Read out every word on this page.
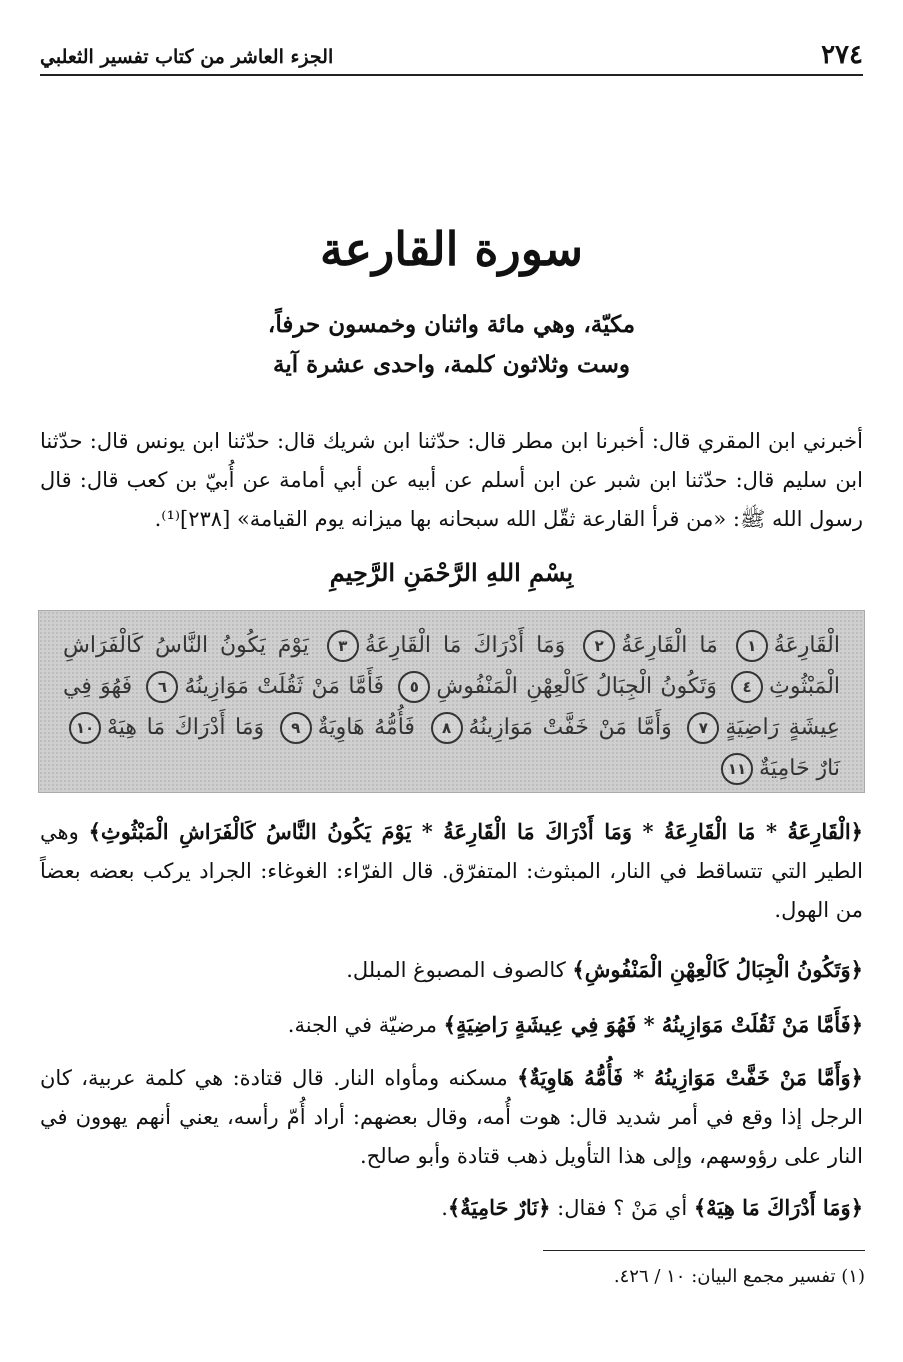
٢٧٤
الجزء العاشر من كتاب تفسير الثعلبي
سورة القارعة
مكيّة، وهي مائة واثنان وخمسون حرفاً،
وست وثلاثون كلمة، واحدى عشرة آية
أخبرني ابن المقري قال: أخبرنا ابن مطر قال: حدّثنا ابن شريك قال: حدّثنا ابن يونس قال: حدّثنا ابن سليم قال: حدّثنا ابن شبر عن ابن أسلم عن أبيه عن أبي أمامة عن أُبيّ بن كعب قال: قال رسول الله ﷺ: «من قرأ القارعة ثقّل الله سبحانه بها ميزانه يوم القيامة» [٢٣٨]⁽¹⁾.
بِسْمِ اللهِ الرَّحْمَنِ الرَّحِيمِ
الْقَارِعَةُ١ مَا الْقَارِعَةُ٢ وَمَا أَدْرَاكَ مَا الْقَارِعَةُ٣ يَوْمَ يَكُونُ النَّاسُ كَالْفَرَاشِ الْمَبْثُوثِ٤ وَتَكُونُ الْجِبَالُ كَالْعِهْنِ الْمَنْفُوشِ٥ فَأَمَّا مَنْ ثَقُلَتْ مَوَازِينُهُ٦ فَهُوَ فِي عِيشَةٍ رَاضِيَةٍ٧ وَأَمَّا مَنْ خَفَّتْ مَوَازِينُهُ٨ فَأُمُّهُ هَاوِيَةٌ٩ وَمَا أَدْرَاكَ مَا هِيَهْ١٠ نَارٌ حَامِيَةٌ١١
﴿الْقَارِعَةُ * مَا الْقَارِعَةُ * وَمَا أَدْرَاكَ مَا الْقَارِعَةُ * يَوْمَ يَكُونُ النَّاسُ كَالْفَرَاشِ الْمَبْثُوثِ﴾ وهي الطير التي تتساقط في النار، المبثوث: المتفرّق. قال الفرّاء: الغوغاء: الجراد يركب بعضه بعضاً من الهول.
﴿وَتَكُونُ الْجِبَالُ كَالْعِهْنِ الْمَنْفُوشِ﴾ كالصوف المصبوغ المبلل.
﴿فَأَمَّا مَنْ ثَقُلَتْ مَوَازِينُهُ * فَهُوَ فِي عِيشَةٍ رَاضِيَةٍ﴾ مرضيّة في الجنة.
﴿وَأَمَّا مَنْ خَفَّتْ مَوَازِينُهُ * فَأُمُّهُ هَاوِيَةٌ﴾ مسكنه ومأواه النار. قال قتادة: هي كلمة عربية، كان الرجل إذا وقع في أمر شديد قال: هوت أُمه، وقال بعضهم: أراد أُمّ رأسه، يعني أنهم يهوون في النار على رؤوسهم، وإلى هذا التأويل ذهب قتادة وأبو صالح.
﴿وَمَا أَدْرَاكَ مَا هِيَهْ﴾ أي مَنْ ؟ فقال: ﴿نَارٌ حَامِيَةٌ﴾.
(١) تفسير مجمع البيان: ١٠ / ٤٢٦.
